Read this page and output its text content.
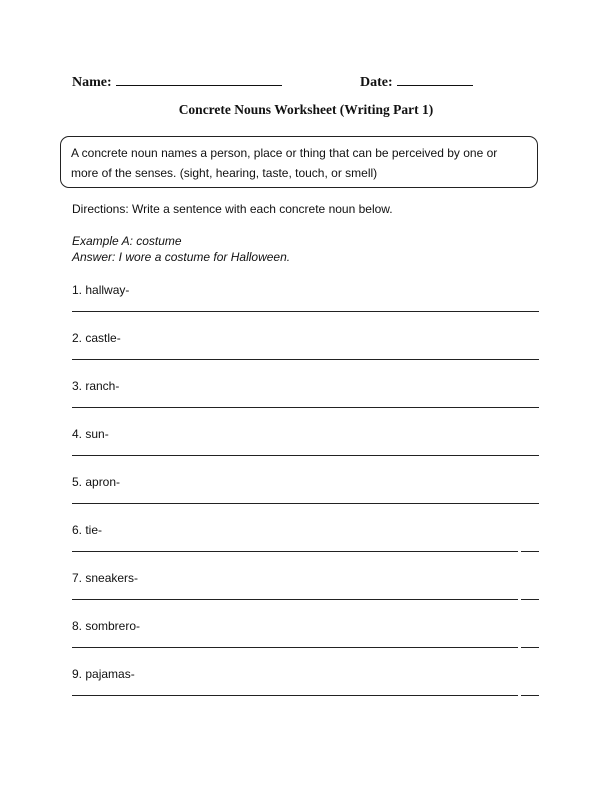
Name:	Date:
Concrete Nouns Worksheet (Writing Part 1)
A concrete noun names a person, place or thing that can be perceived by one or more of the senses. (sight, hearing, taste, touch, or smell)
Directions: Write a sentence with each concrete noun below.
Example A: costume
Answer: I wore a costume for Halloween.
1. hallway-
2. castle-
3. ranch-
4. sun-
5. apron-
6. tie-
7. sneakers-
8. sombrero-
9. pajamas-
